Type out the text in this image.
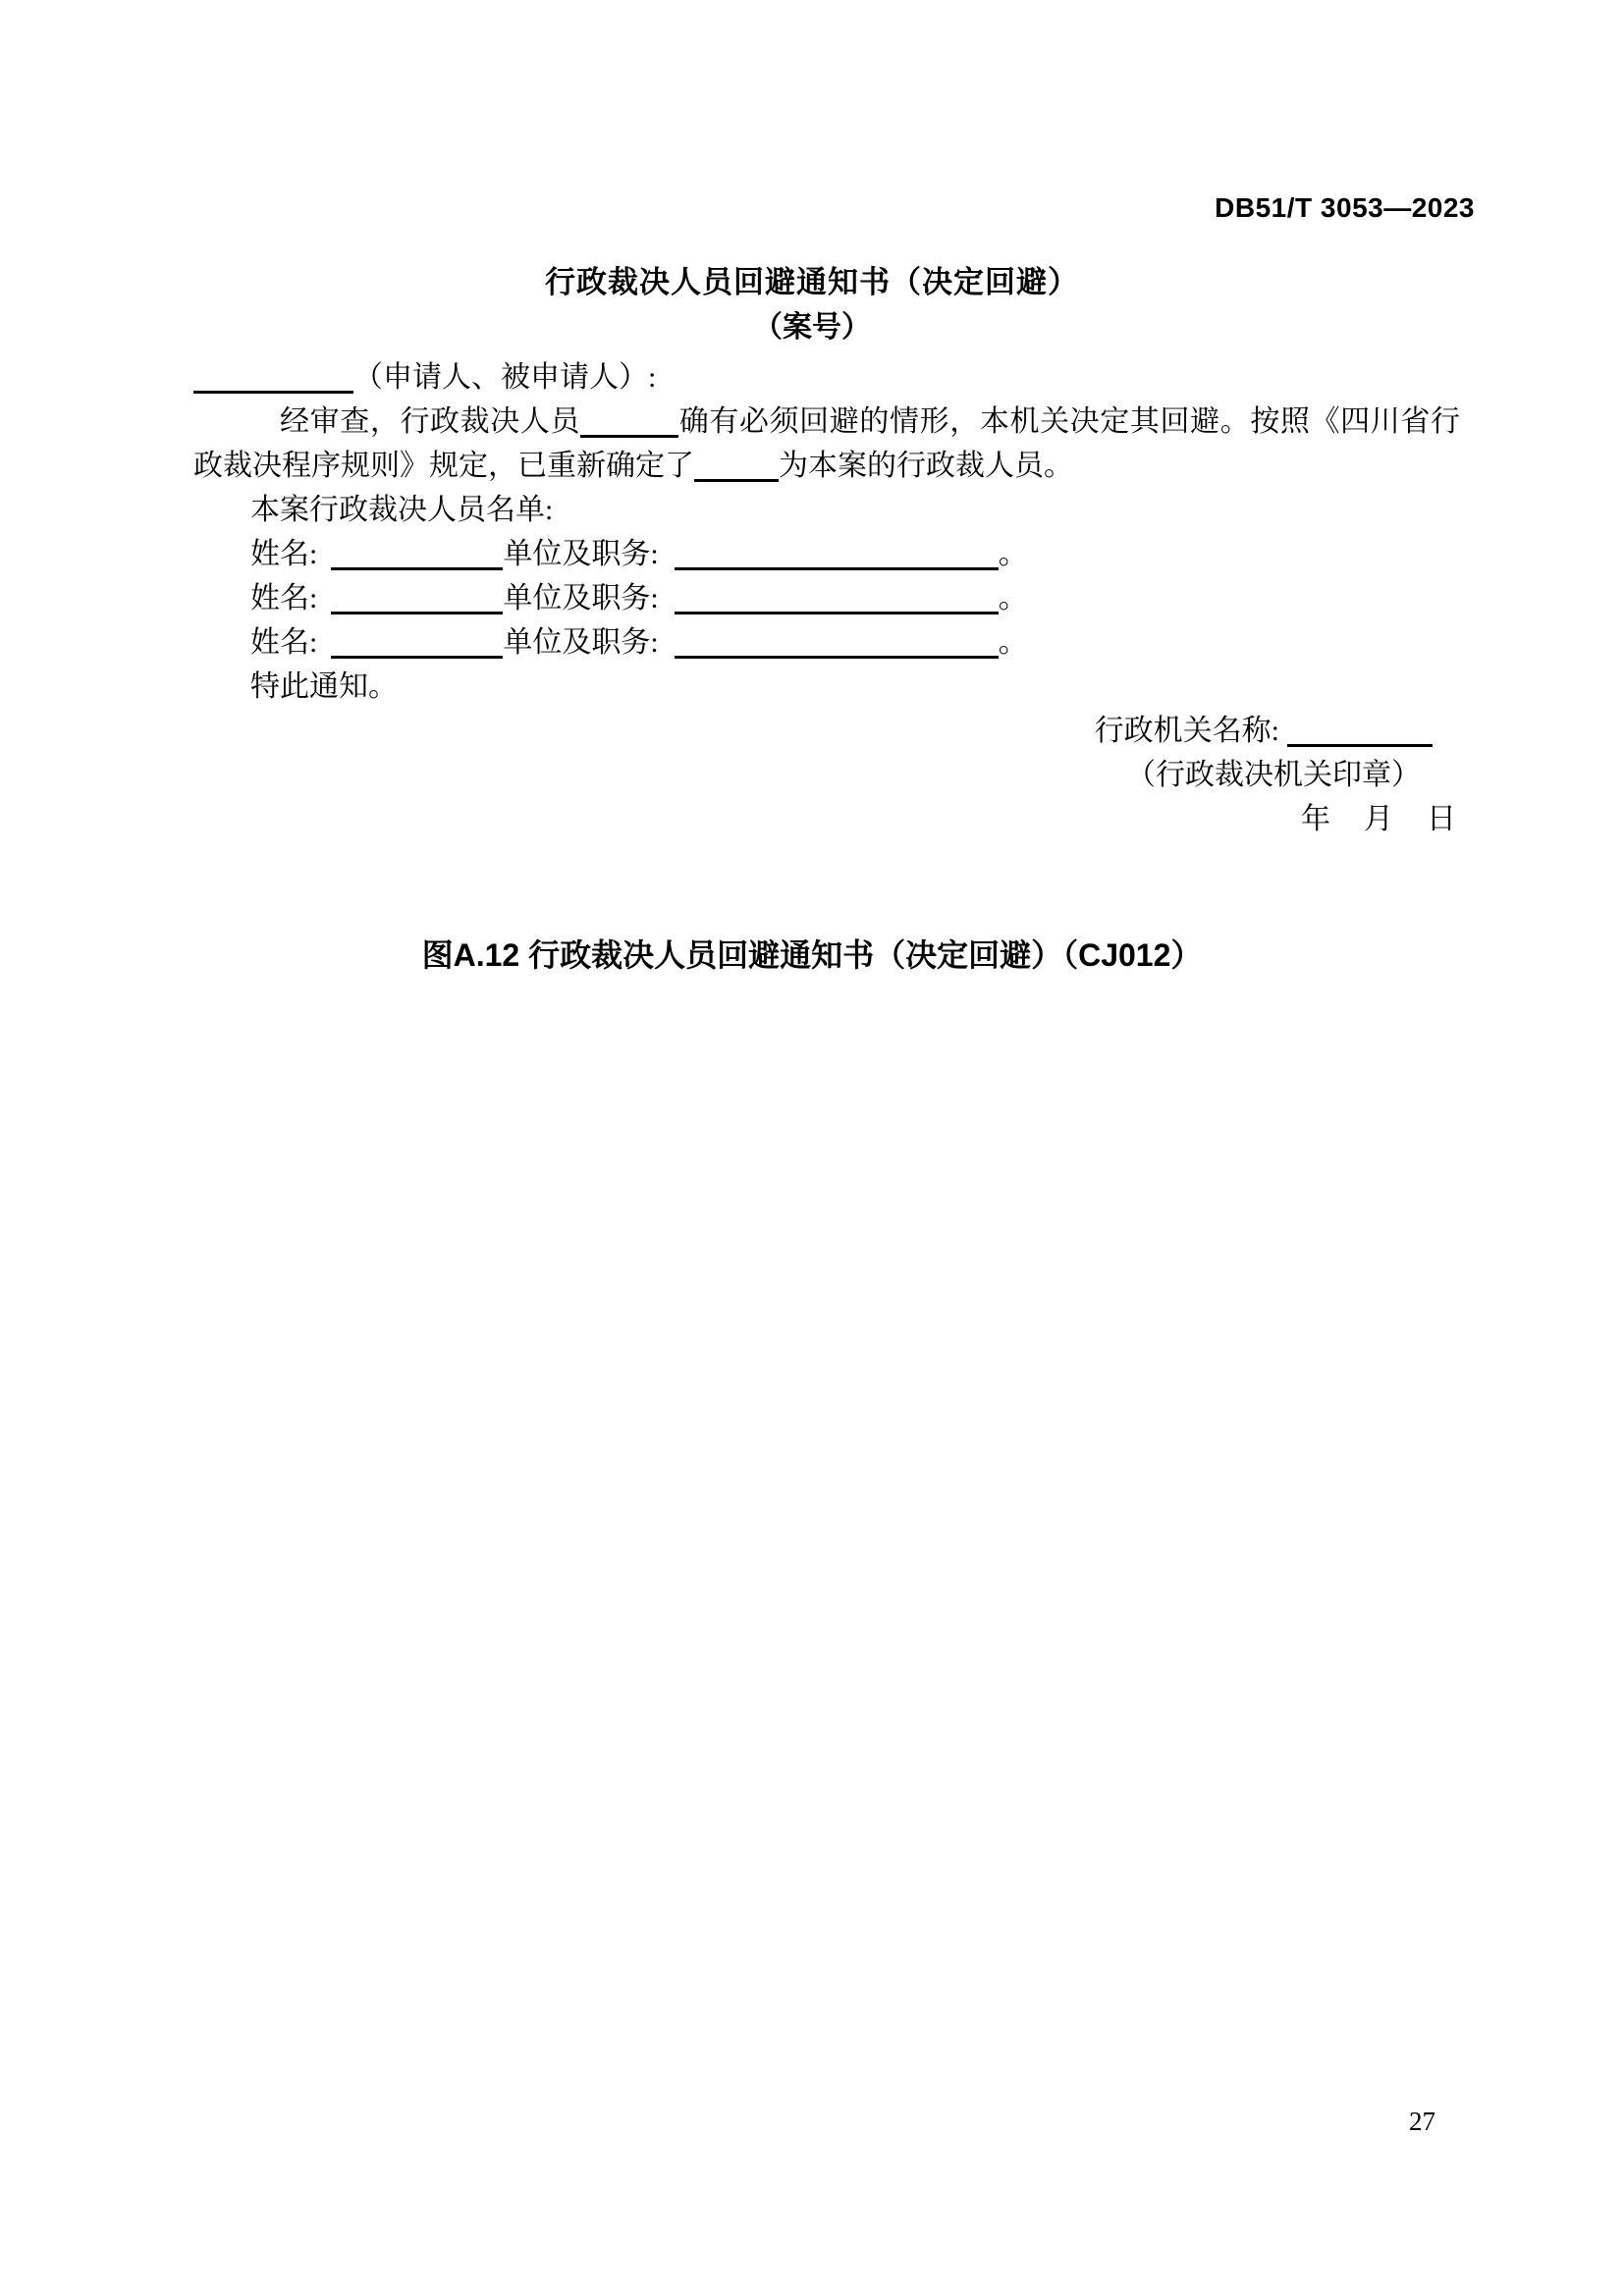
DB51/T 3053—2023
行政裁决人员回避通知书（决定回避）
（案号）
（申请人、被申请人）:

经审查，行政裁决人员	确有必须回避的情形，本机关决定其回避。按照《四川省行政裁决程序规则》规定，已重新确定了	为本案的行政裁人员。

本案行政裁决人员名单:
姓名:	单位及职务:	。
姓名:	单位及职务:	。
姓名:	单位及职务:	。
特此通知。
行政机关名称:
（行政裁决机关印章）
年　月　日
图A.12 行政裁决人员回避通知书（决定回避）（CJ012）
27
